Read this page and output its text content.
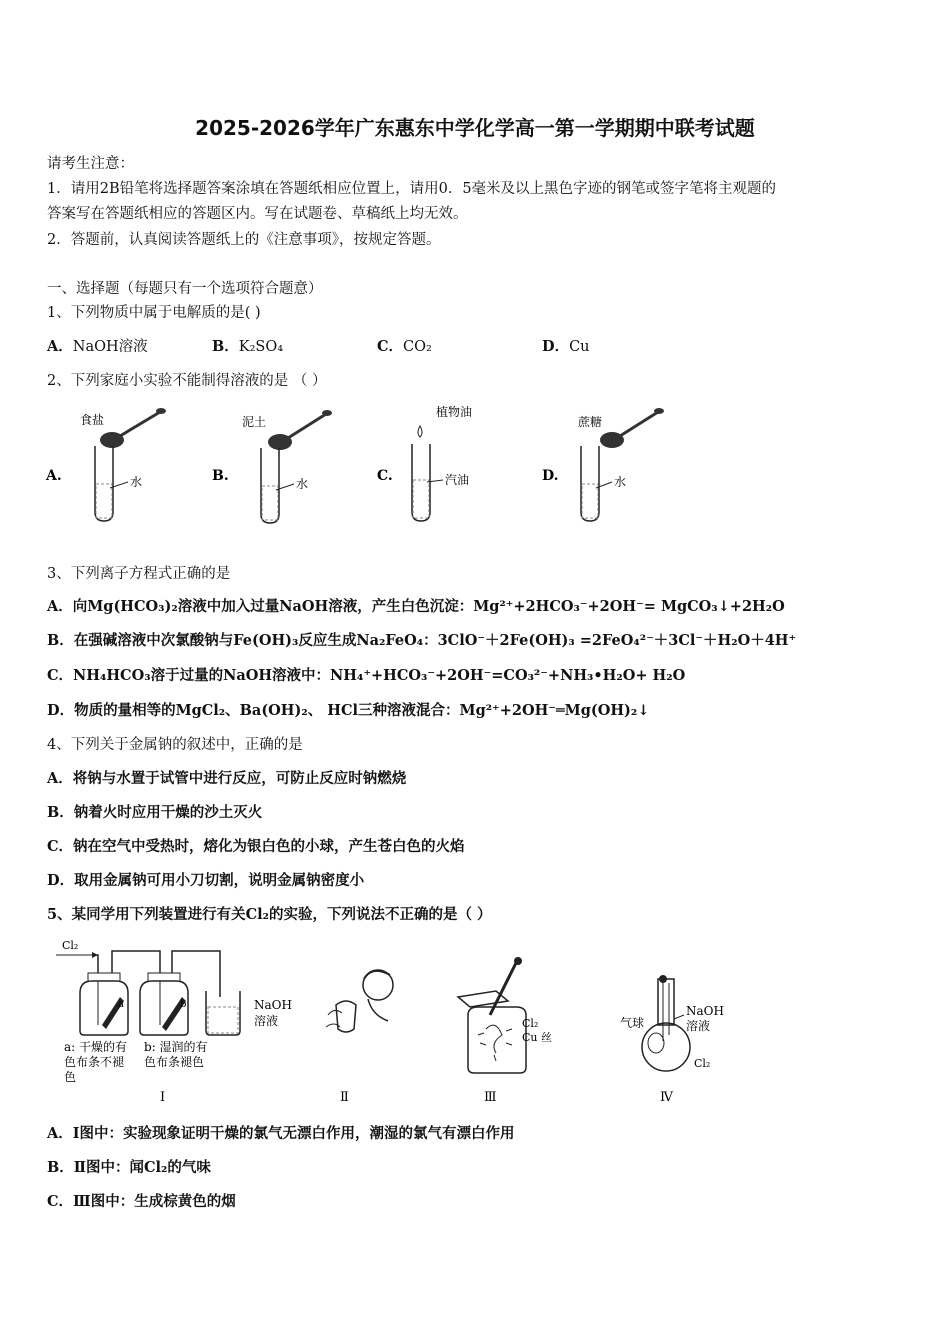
2025-2026学年广东惠东中学化学高一第一学期期中联考试题
请考生注意：
1．请用2B铅笔将选择题答案涂填在答题纸相应位置上，请用0．5毫米及以上黑色字迹的钢笔或签字笔将主观题的
答案写在答题纸相应的答题区内。写在试题卷、草稿纸上均无效。
2．答题前，认真阅读答题纸上的《注意事项》，按规定答题。
一、选择题（每题只有一个选项符合题意）
1、下列物质中属于电解质的是( )
A．NaOH溶液	B．K₂SO₄	C．CO₂	D．Cu
2、下列家庭小实验不能制得溶液的是 （ ）
A.
食盐
水	B.
泥土
水	C.
植物油
汽油	D.
蔗糖
水
3、下列离子方程式正确的是
A．向Mg(HCO₃)₂溶液中加入过量NaOH溶液，产生白色沉淀：Mg²⁺+2HCO₃⁻+2OH⁻= MgCO₃↓+2H₂O
B．在强碱溶液中次氯酸钠与Fe(OH)₃反应生成Na₂FeO₄：3ClO⁻＋2Fe(OH)₃ =2FeO₄²⁻＋3Cl⁻＋H₂O＋4H⁺
C．NH₄HCO₃溶于过量的NaOH溶液中：NH₄⁺+HCO₃⁻+2OH⁻=CO₃²⁻+NH₃•H₂O+ H₂O
D．物质的量相等的MgCl₂、Ba(OH)₂、 HCl三种溶液混合：Mg²⁺+2OH⁻═Mg(OH)₂↓
4、下列关于金属钠的叙述中，正确的是
A．将钠与水置于试管中进行反应，可防止反应时钠燃烧
B．钠着火时应用干燥的沙土灭火
C．钠在空气中受热时，熔化为银白色的小球，产生苍白色的火焰
D．取用金属钠可用小刀切割，说明金属钠密度小
5、某同学用下列装置进行有关Cl₂的实验，下列说法不正确的是（ ）
Cl₂
a	b	NaOH
溶液
a: 干燥的有
色布条不褪
色
b: 湿润的有
色布条褪色
Ⅰ	Ⅱ
Cl₂
Cu 丝
Ⅲ
气球
NaOH
溶液
Cl₂
Ⅳ
A．Ⅰ图中：实验现象证明干燥的氯气无漂白作用，潮湿的氯气有漂白作用
B．Ⅱ图中：闻Cl₂的气味
C．Ⅲ图中：生成棕黄色的烟
